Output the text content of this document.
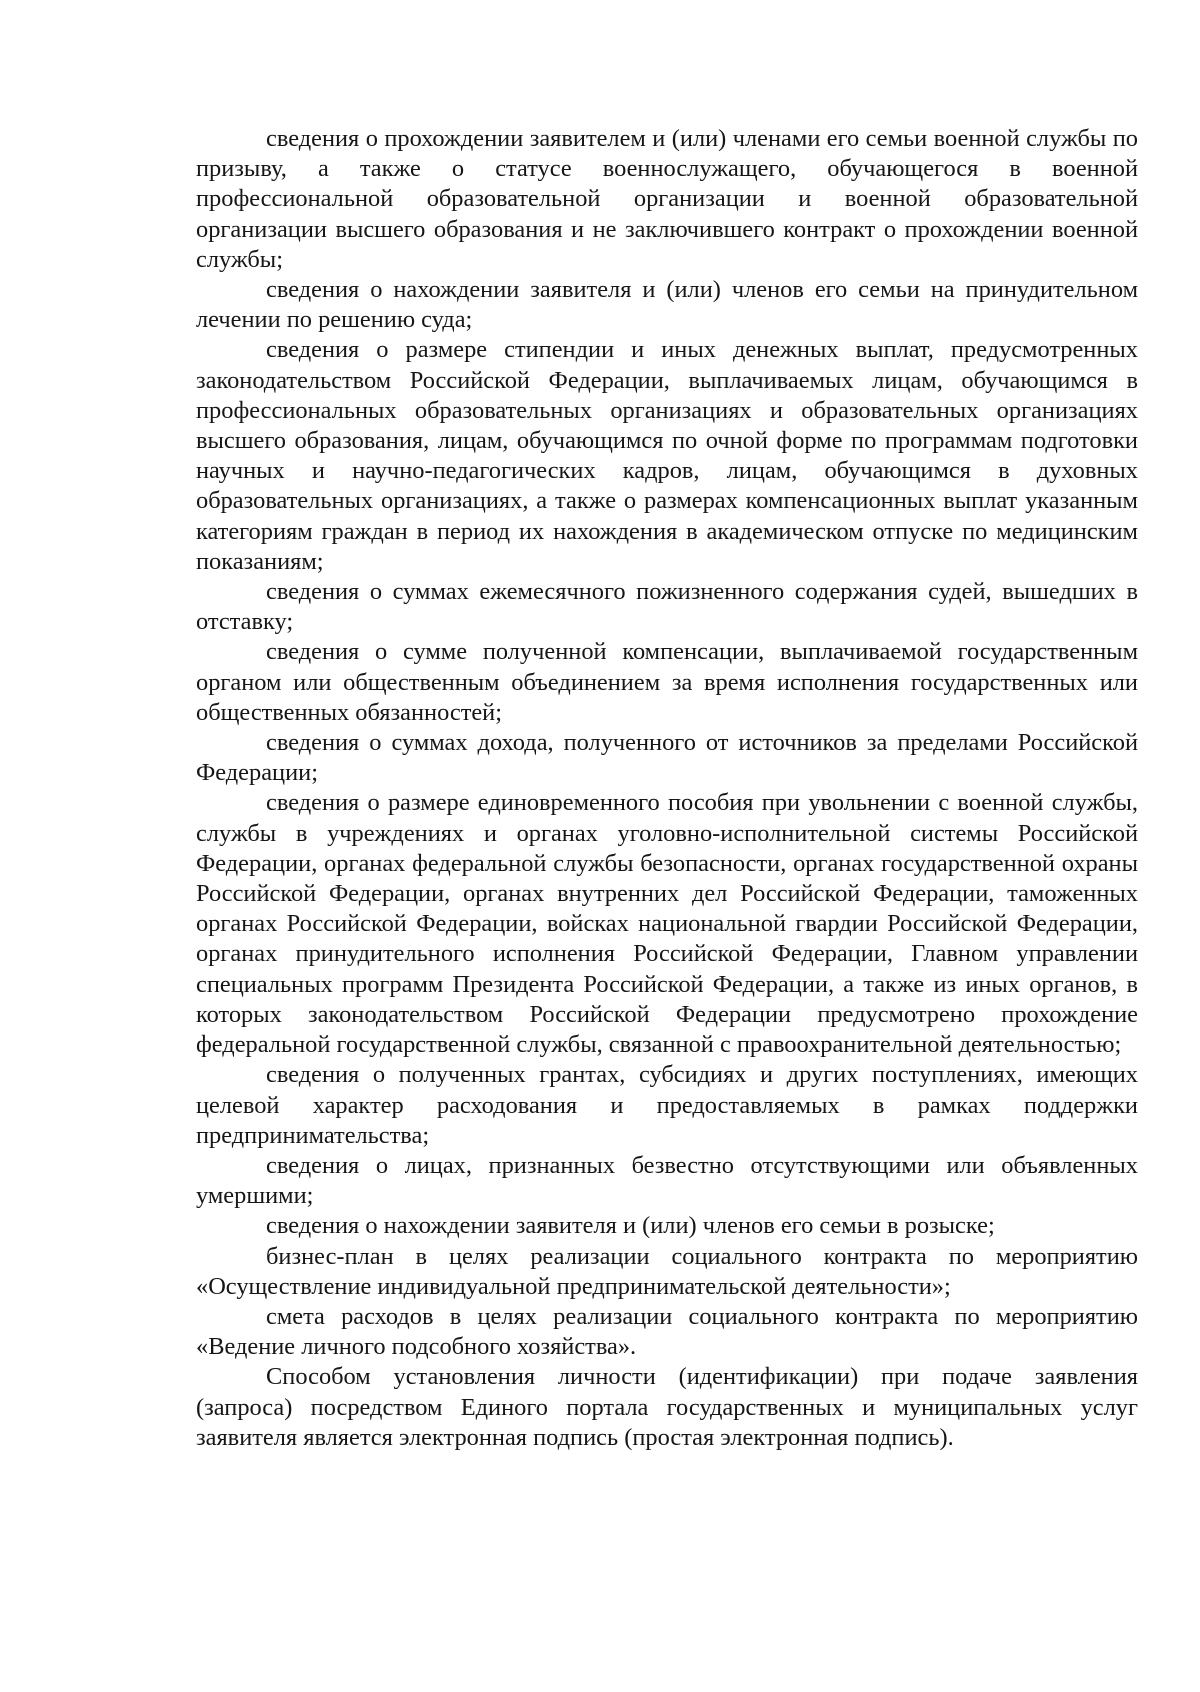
сведения о прохождении заявителем и (или) членами его семьи военной службы по призыву, а также о статусе военнослужащего, обучающегося в военной профессиональной образовательной организации и военной образовательной организации высшего образования и не заключившего контракт о прохождении военной службы;

сведения о нахождении заявителя и (или) членов его семьи на принудительном лечении по решению суда;

сведения о размере стипендии и иных денежных выплат, предусмотренных законодательством Российской Федерации, выплачиваемых лицам, обучающимся в профессиональных образовательных организациях и образовательных организациях высшего образования, лицам, обучающимся по очной форме по программам подготовки научных и научно-педагогических кадров, лицам, обучающимся в духовных образовательных организациях, а также о размерах компенсационных выплат указанным категориям граждан в период их нахождения в академическом отпуске по медицинским показаниям;

сведения о суммах ежемесячного пожизненного содержания судей, вышедших в отставку;

сведения о сумме полученной компенсации, выплачиваемой государственным органом или общественным объединением за время исполнения государственных или общественных обязанностей;

сведения о суммах дохода, полученного от источников за пределами Российской Федерации;

сведения о размере единовременного пособия при увольнении с военной службы, службы в учреждениях и органах уголовно-исполнительной системы Российской Федерации, органах федеральной службы безопасности, органах государственной охраны Российской Федерации, органах внутренних дел Российской Федерации, таможенных органах Российской Федерации, войсках национальной гвардии Российской Федерации, органах принудительного исполнения Российской Федерации, Главном управлении специальных программ Президента Российской Федерации, а также из иных органов, в которых законодательством Российской Федерации предусмотрено прохождение федеральной государственной службы, связанной с правоохранительной деятельностью;

сведения о полученных грантах, субсидиях и других поступлениях, имеющих целевой характер расходования и предоставляемых в рамках поддержки предпринимательства;

сведения о лицах, признанных безвестно отсутствующими или объявленных умершими;

сведения о нахождении заявителя и (или) членов его семьи в розыске;

бизнес-план в целях реализации социального контракта по мероприятию «Осуществление индивидуальной предпринимательской деятельности»;

смета расходов в целях реализации социального контракта по мероприятию «Ведение личного подсобного хозяйства».

Способом установления личности (идентификации) при подаче заявления (запроса) посредством Единого портала государственных и муниципальных услуг заявителя является электронная подпись (простая электронная подпись).
